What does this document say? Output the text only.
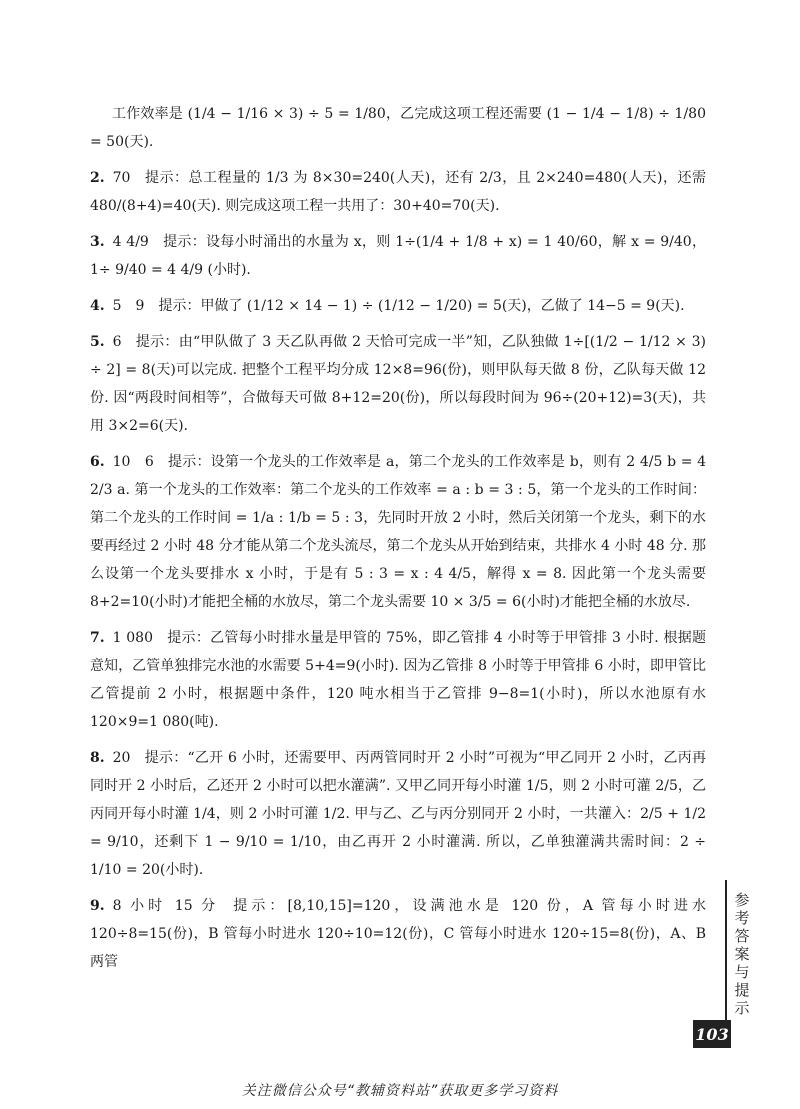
工作效率是 (1/4 − 1/16 × 3) ÷ 5 = 1/80，乙完成这项工程还需要 (1 − 1/4 − 1/8) ÷ 1/80 = 50(天).

2. 70 提示：总工程量的 1/3 为 8×30=240(人天)，还有 2/3，且 2×240=480(人天)，还需 480/(8+4)=40(天). 则完成这项工程一共用了：30+40=70(天).

3. 4 4/9 提示：设每小时涌出的水量为 x，则 1÷(1/4 + 1/8 + x) = 1 40/60，解 x = 9/40，1÷ 9/40 = 4 4/9 (小时).

4. 5　9 提示：甲做了 (1/12 × 14 − 1) ÷ (1/12 − 1/20) = 5(天)，乙做了 14−5 = 9(天).

5. 6 提示：由“甲队做了 3 天乙队再做 2 天恰可完成一半”知，乙队独做 1÷[(1/2 − 1/12 × 3) ÷ 2] = 8(天)可以完成. 把整个工程平均分成 12×8=96(份)，则甲队每天做 8 份，乙队每天做 12 份. 因“两段时间相等”，合做每天可做 8+12=20(份)，所以每段时间为 96÷(20+12)=3(天)，共用 3×2=6(天).

6. 10　6 提示：设第一个龙头的工作效率是 a，第二个龙头的工作效率是 b，则有 2 4/5 b = 4 2/3 a. 第一个龙头的工作效率：第二个龙头的工作效率 = a : b = 3 : 5，第一个龙头的工作时间：第二个龙头的工作时间 = 1/a : 1/b = 5 : 3，先同时开放 2 小时，然后关闭第一个龙头，剩下的水要再经过 2 小时 48 分才能从第二个龙头流尽，第二个龙头从开始到结束，共排水 4 小时 48 分. 那么设第一个龙头要排水 x 小时，于是有 5 : 3 = x : 4 4/5，解得 x = 8. 因此第一个龙头需要 8+2=10(小时)才能把全桶的水放尽，第二个龙头需要 10 × 3/5 = 6(小时)才能把全桶的水放尽.

7. 1 080 提示：乙管每小时排水量是甲管的 75%，即乙管排 4 小时等于甲管排 3 小时. 根据题意知，乙管单独排完水池的水需要 5+4=9(小时). 因为乙管排 8 小时等于甲管排 6 小时，即甲管比乙管提前 2 小时，根据题中条件，120 吨水相当于乙管排 9−8=1(小时)，所以水池原有水 120×9=1 080(吨).

8. 20 提示：“乙开 6 小时，还需要甲、丙两管同时开 2 小时”可视为“甲乙同开 2 小时，乙丙再同时开 2 小时后，乙还开 2 小时可以把水灌满”. 又甲乙同开每小时灌 1/5，则 2 小时可灌 2/5，乙丙同开每小时灌 1/4，则 2 小时可灌 1/2. 甲与乙、乙与丙分别同开 2 小时，一共灌入：2/5 + 1/2 = 9/10，还剩下 1 − 9/10 = 1/10，由乙再开 2 小时灌满. 所以，乙单独灌满共需时间：2 ÷ 1/10 = 20(小时).

9. 8 小时 15 分 提示：[8,10,15]=120，设满池水是 120 份，A 管每小时进水 120÷8=15(份)，B 管每小时进水 120÷10=12(份)，C 管每小时进水 120÷15=8(份)，A、B 两管	参考答案与提示
103
关注微信公众号“教辅资料站”获取更多学习资料
